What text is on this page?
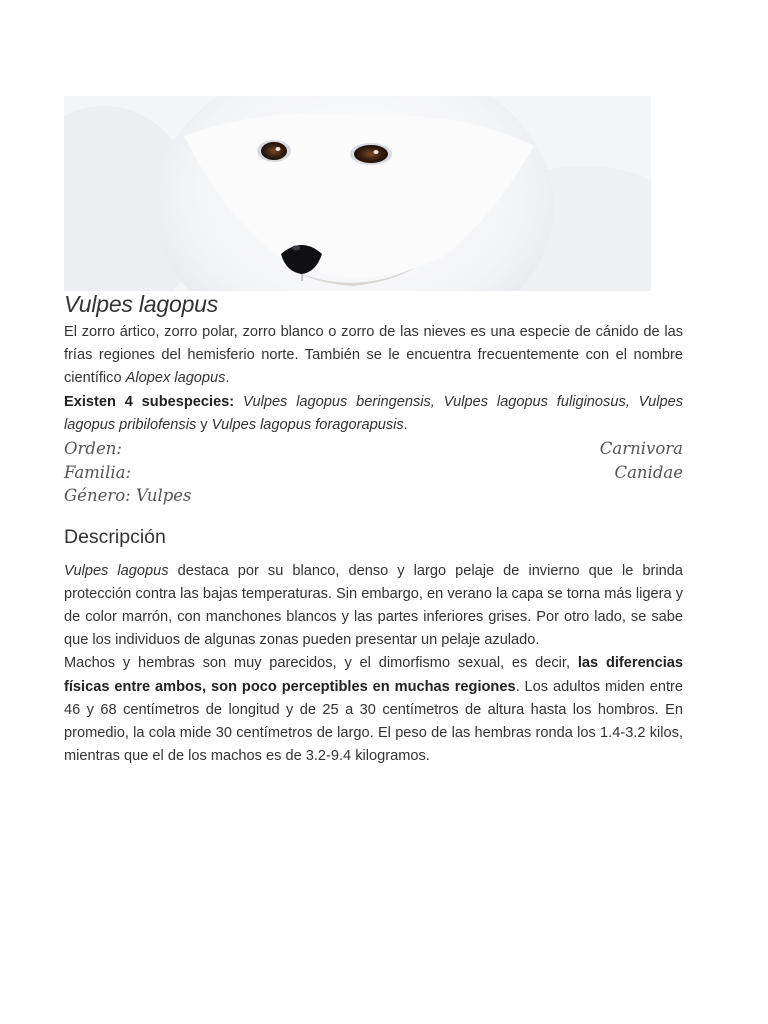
Vulpes lagopus

El zorro ártico, zorro polar, zorro blanco o zorro de las nieves es una especie de cánido de las frías regiones del hemisferio norte. También se le encuentra frecuentemente con el nombre científico Alopex lagopus.

Existen 4 subespecies: Vulpes lagopus beringensis, Vulpes lagopus fuliginosus, Vulpes lagopus pribilofensis y Vulpes lagopus foragorapusis.

Orden:	Carnivora
Familia:	Canidae
Género: Vulpes
Descripción

Vulpes lagopus destaca por su blanco, denso y largo pelaje de invierno que le brinda protección contra las bajas temperaturas. Sin embargo, en verano la capa se torna más ligera y de color marrón, con manchones blancos y las partes inferiores grises. Por otro lado, se sabe que los individuos de algunas zonas pueden presentar un pelaje azulado.

Machos y hembras son muy parecidos, y el dimorfismo sexual, es decir, las diferencias físicas entre ambos, son poco perceptibles en muchas regiones. Los adultos miden entre 46 y 68 centímetros de longitud y de 25 a 30 centímetros de altura hasta los hombros. En promedio, la cola mide 30 centímetros de largo. El peso de las hembras ronda los 1.4-3.2 kilos, mientras que el de los machos es de 3.2-9.4 kilogramos.
